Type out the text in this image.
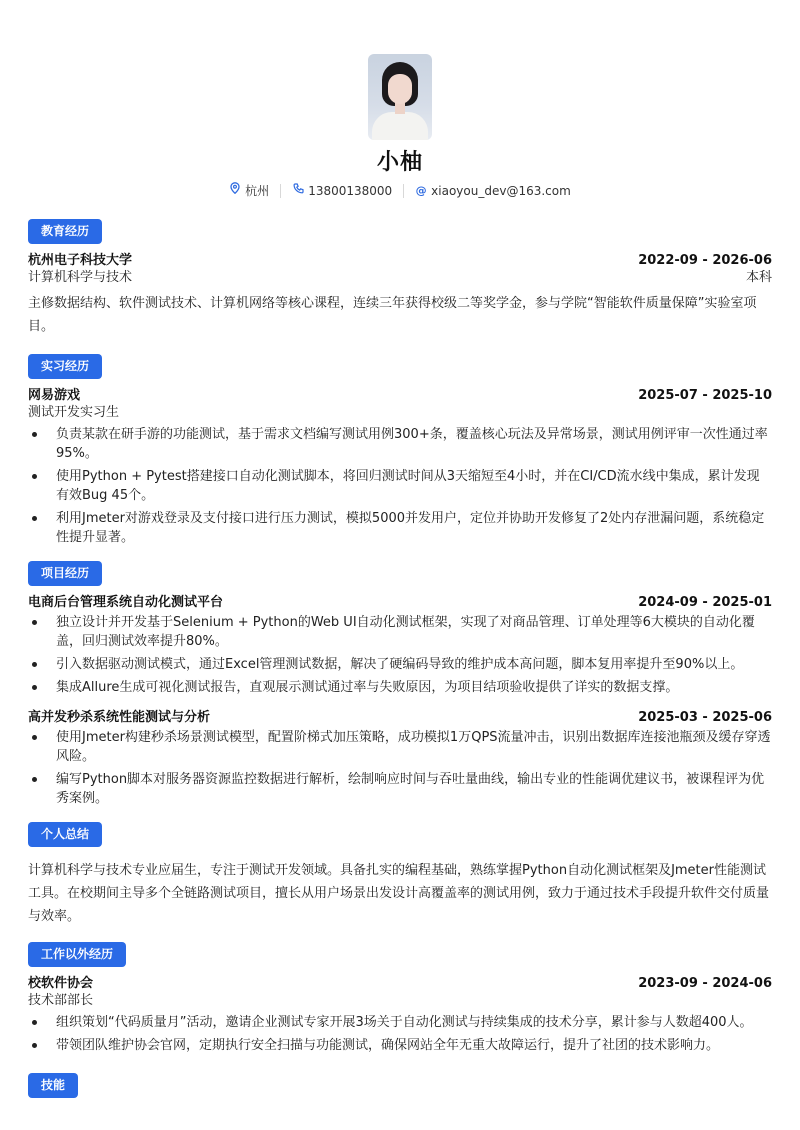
小柚
杭州	13800138000 @ xiaoyou_dev@163.com
教育经历
杭州电子科技大学	2022-09 - 2026-06
计算机科学与技术	本科
主修数据结构、软件测试技术、计算机网络等核心课程，连续三年获得校级二等奖学金，参与学院“智能软件质量保障”实验室项目。
实习经历
网易游戏	2025-07 - 2025-10
测试开发实习生
负责某款在研手游的功能测试，基于需求文档编写测试用例300+条，覆盖核心玩法及异常场景，测试用例评审一次性通过率95%。
使用Python + Pytest搭建接口自动化测试脚本，将回归测试时间从3天缩短至4小时，并在CI/CD流水线中集成，累计发现有效Bug 45个。
利用Jmeter对游戏登录及支付接口进行压力测试，模拟5000并发用户，定位并协助开发修复了2处内存泄漏问题，系统稳定性提升显著。
项目经历
电商后台管理系统自动化测试平台	2024-09 - 2025-01
独立设计并开发基于Selenium + Python的Web UI自动化测试框架，实现了对商品管理、订单处理等6大模块的自动化覆盖，回归测试效率提升80%。
引入数据驱动测试模式，通过Excel管理测试数据，解决了硬编码导致的维护成本高问题，脚本复用率提升至90%以上。
集成Allure生成可视化测试报告，直观展示测试通过率与失败原因，为项目结项验收提供了详实的数据支撑。
高并发秒杀系统性能测试与分析	2025-03 - 2025-06
使用Jmeter构建秒杀场景测试模型，配置阶梯式加压策略，成功模拟1万QPS流量冲击，识别出数据库连接池瓶颈及缓存穿透风险。
编写Python脚本对服务器资源监控数据进行解析，绘制响应时间与吞吐量曲线，输出专业的性能调优建议书，被课程评为优秀案例。
个人总结
计算机科学与技术专业应届生，专注于测试开发领域。具备扎实的编程基础，熟练掌握Python自动化测试框架及Jmeter性能测试工具。在校期间主导多个全链路测试项目，擅长从用户场景出发设计高覆盖率的测试用例，致力于通过技术手段提升软件交付质量与效率。
工作以外经历
校软件协会	2023-09 - 2024-06
技术部部长
组织策划“代码质量月”活动，邀请企业测试专家开展3场关于自动化测试与持续集成的技术分享，累计参与人数超400人。
带领团队维护协会官网，定期执行安全扫描与功能测试，确保网站全年无重大故障运行，提升了社团的技术影响力。
技能
